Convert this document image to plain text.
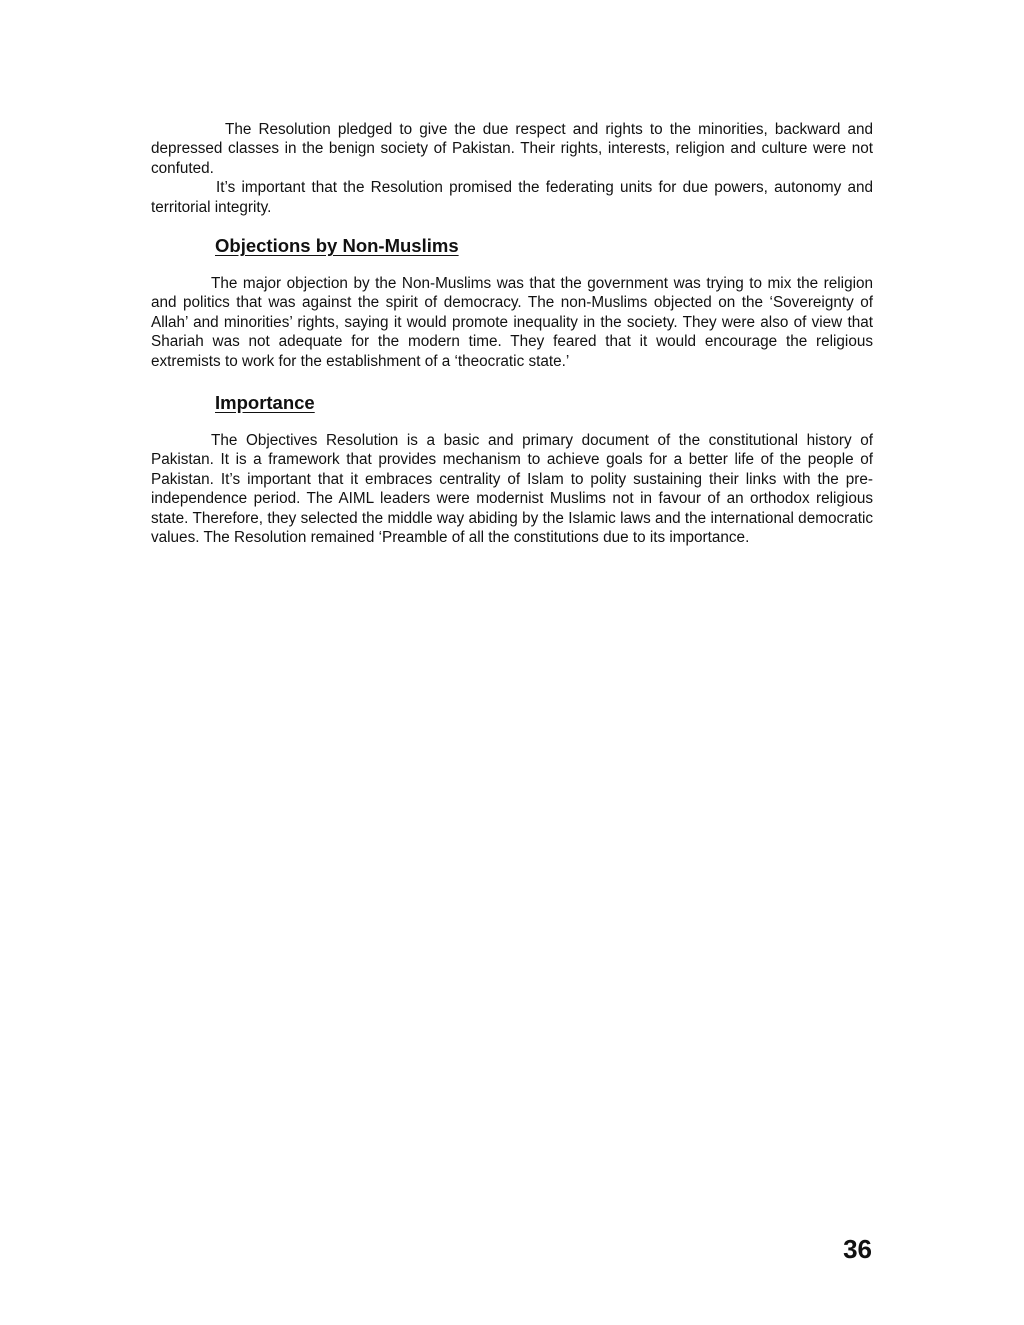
The Resolution pledged to give the due respect and rights to the minorities, backward and depressed classes in the benign society of Pakistan. Their rights, interests, religion and culture were not confuted.

It’s important that the Resolution promised the federating units for due powers, autonomy and territorial integrity.

Objections by Non-Muslims

The major objection by the Non-Muslims was that the government was trying to mix the religion and politics that was against the spirit of democracy. The non-Muslims objected on the ‘Sovereignty of Allah’ and minorities’ rights, saying it would promote inequality in the society. They were also of view that Shariah was not adequate for the modern time. They feared that it would encourage the religious extremists to work for the establishment of a ‘theocratic state.’

Importance

The Objectives Resolution is a basic and primary document of the constitutional history of Pakistan. It is a framework that provides mechanism to achieve goals for a better life of the people of Pakistan. It’s important that it embraces centrality of Islam to polity sustaining their links with the pre-independence period. The AIML leaders were modernist Muslims not in favour of an orthodox religious state. Therefore, they selected the middle way abiding by the Islamic laws and the international democratic values. The Resolution remained ‘Preamble of all the constitutions due to its importance.

36
